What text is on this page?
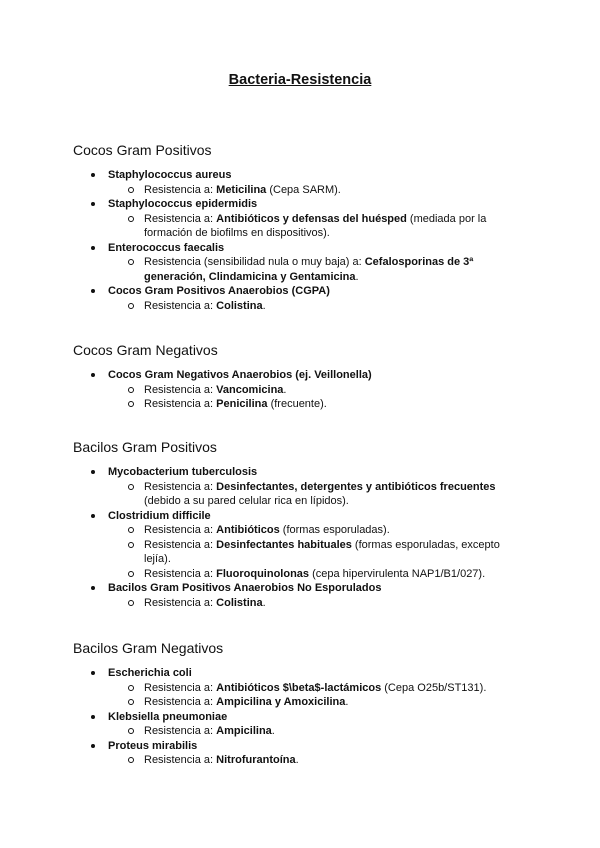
Bacteria-Resistencia
Cocos Gram Positivos
Staphylococcus aureus
Resistencia a: Meticilina (Cepa SARM).
Staphylococcus epidermidis
Resistencia a: Antibióticos y defensas del huésped (mediada por la formación de biofilms en dispositivos).
Enterococcus faecalis
Resistencia (sensibilidad nula o muy baja) a: Cefalosporinas de 3ª generación, Clindamicina y Gentamicina.
Cocos Gram Positivos Anaerobios (CGPA)
Resistencia a: Colistina.
Cocos Gram Negativos
Cocos Gram Negativos Anaerobios (ej. Veillonella)
Resistencia a: Vancomicina.
Resistencia a: Penicilina (frecuente).
Bacilos Gram Positivos
Mycobacterium tuberculosis
Resistencia a: Desinfectantes, detergentes y antibióticos frecuentes (debido a su pared celular rica en lípidos).
Clostridium difficile
Resistencia a: Antibióticos (formas esporuladas).
Resistencia a: Desinfectantes habituales (formas esporuladas, excepto lejía).
Resistencia a: Fluoroquinolonas (cepa hipervirulenta NAP1/B1/027).
Bacilos Gram Positivos Anaerobios No Esporulados
Resistencia a: Colistina.
Bacilos Gram Negativos
Escherichia coli
Resistencia a: Antibióticos $\beta$-lactámicos (Cepa O25b/ST131).
Resistencia a: Ampicilina y Amoxicilina.
Klebsiella pneumoniae
Resistencia a: Ampicilina.
Proteus mirabilis
Resistencia a: Nitrofurantoína.
